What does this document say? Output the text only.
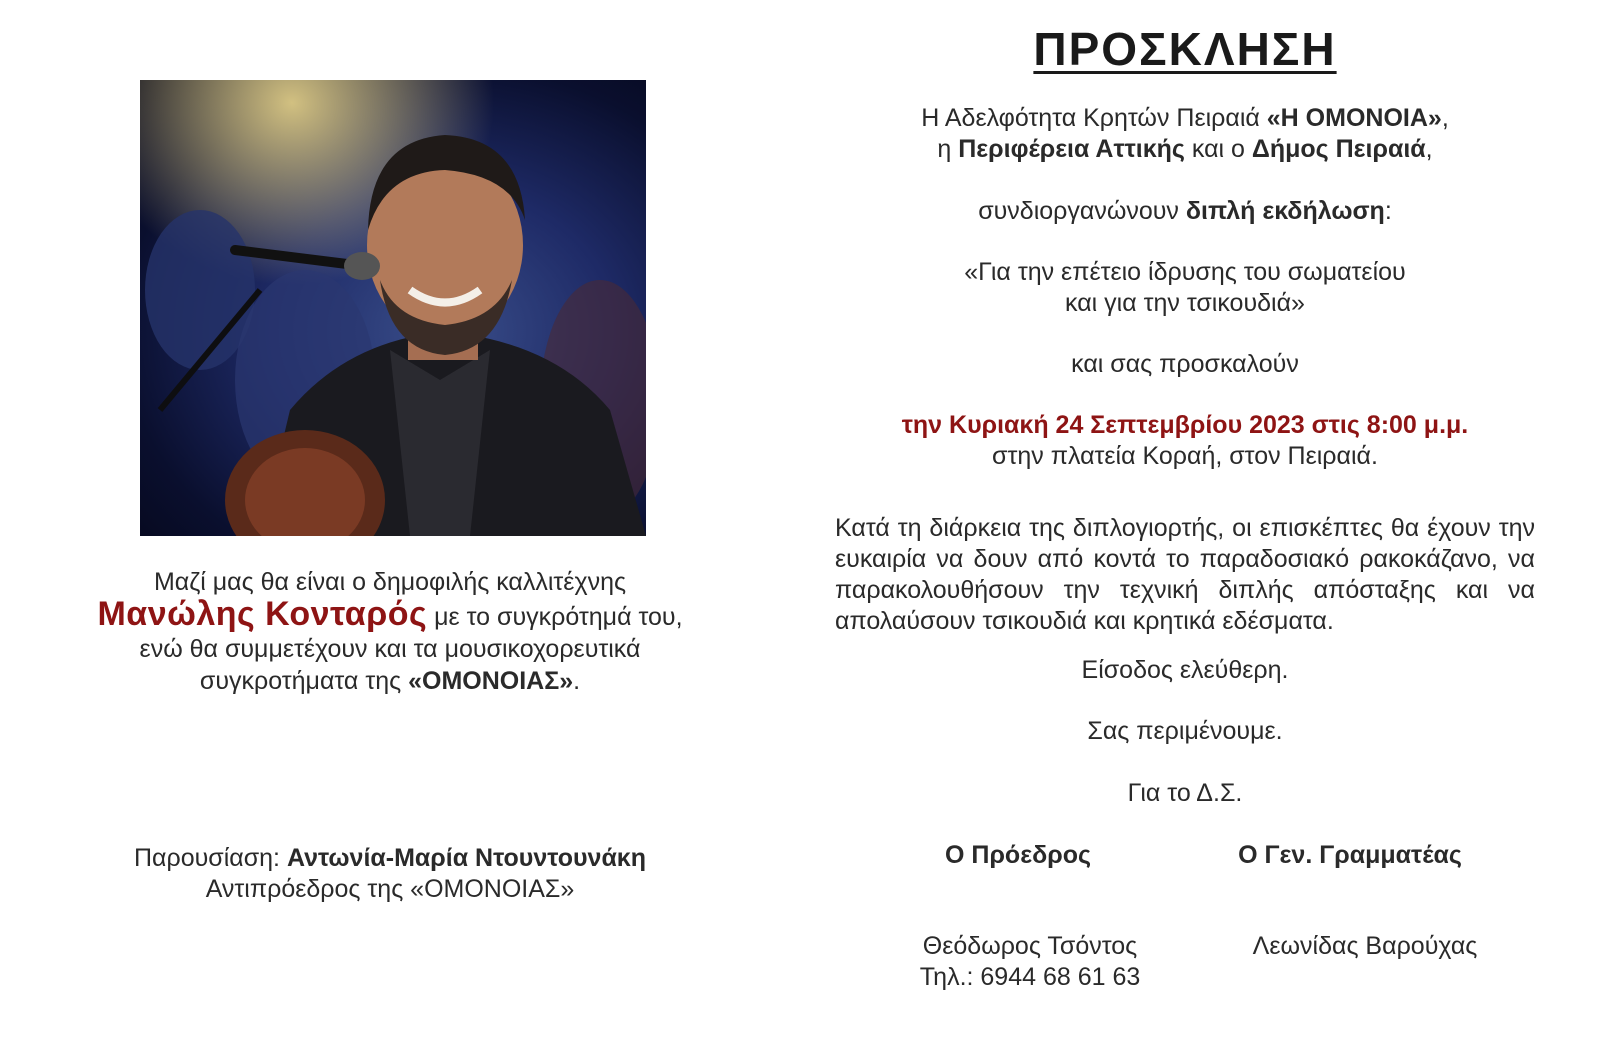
Μαζί μας θα είναι ο δημοφιλής καλλιτέχνης
Μανώλης Κονταρός με το συγκρότημά του,
ενώ θα συμμετέχουν και τα μουσικοχορευτικά
συγκροτήματα της «ΟΜΟΝΟΙΑΣ».
Παρουσίαση: Αντωνία-Μαρία Ντουντουνάκη
Αντιπρόεδρος της «ΟΜΟΝΟΙΑΣ»
ΠΡΟΣΚΛΗΣΗ
Η Αδελφότητα Κρητών Πειραιά «Η ΟΜΟΝΟΙΑ»,
η Περιφέρεια Αττικής και ο Δήμος Πειραιά,
συνδιοργανώνουν διπλή εκδήλωση:
«Για την επέτειο ίδρυσης του σωματείου
και για την τσικουδιά»
και σας προσκαλούν
την Κυριακή 24 Σεπτεμβρίου 2023 στις 8:00 μ.μ.
στην πλατεία Κοραή, στον Πειραιά.
Κατά τη διάρκεια της διπλογιορτής, οι επισκέπτες θα έχουν την ευκαιρία να δουν από κοντά το παραδοσιακό ρακοκάζανο, να παρακολουθήσουν την τεχνική διπλής απόσταξης και να απολαύσουν τσικουδιά και κρητικά εδέσματα.
Είσοδος ελεύθερη.
Σας περιμένουμε.
Για το Δ.Σ.
Ο Πρόεδρος	Ο Γεν. Γραμματέας
Θεόδωρος Τσόντος
Τηλ.: 6944 68 61 63
Λεωνίδας Βαρούχας
